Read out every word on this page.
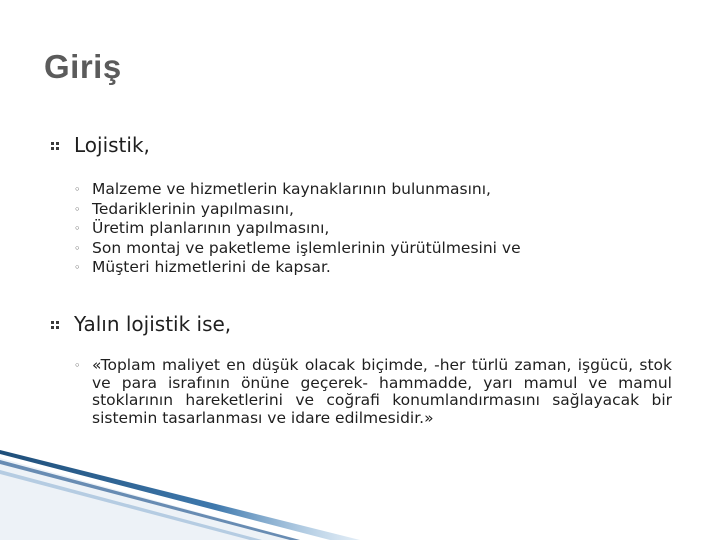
Giriş
Lojistik,
◦ Malzeme ve hizmetlerin kaynaklarının bulunmasını,
◦ Tedariklerinin yapılmasını,
◦ Üretim planlarının yapılmasını,
◦ Son montaj ve paketleme işlemlerinin yürütülmesini ve
◦ Müşteri hizmetlerini de kapsar.
Yalın lojistik ise,
◦ «Toplam maliyet en düşük olacak biçimde, -her türlü zaman, işgücü, stok ve para israfının önüne geçerek- hammadde, yarı mamul ve mamul stoklarının hareketlerini ve coğrafi konumlandırmasını sağlayacak bir sistemin tasarlanması ve idare edilmesidir.»
